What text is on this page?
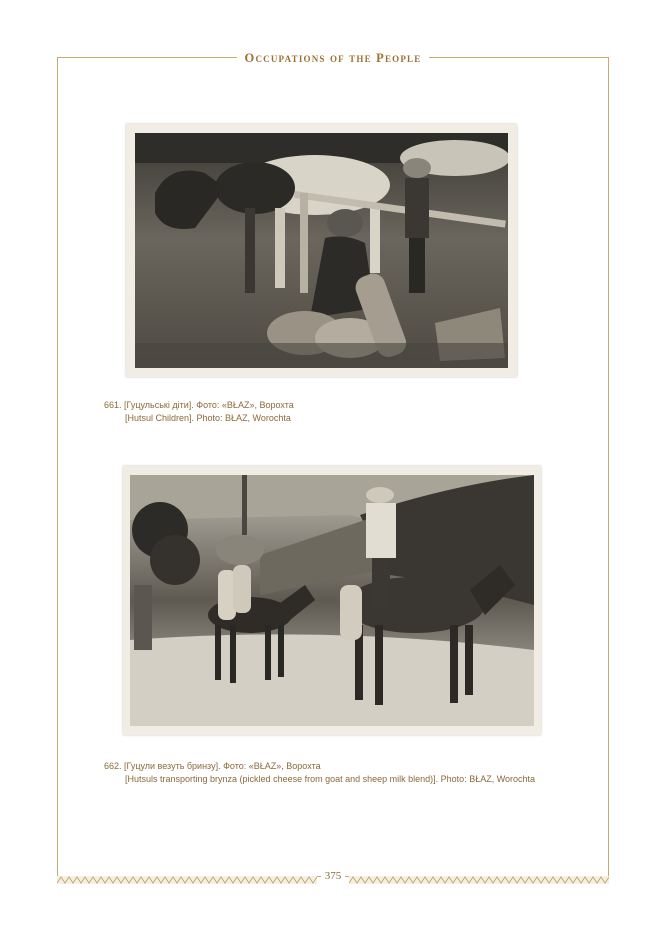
Occupations of the People
661. [Гуцульські діти]. Фото: «BŁAZ», Ворохта
[Hutsul Children]. Photo: BŁAZ, Worochta
662. [Гуцули везуть бринзу]. Фото: «BŁAZ», Ворохта
[Hutsuls transporting brynza (pickled cheese from goat and sheep milk blend)]. Photo: BŁAZ, Worochta
375
